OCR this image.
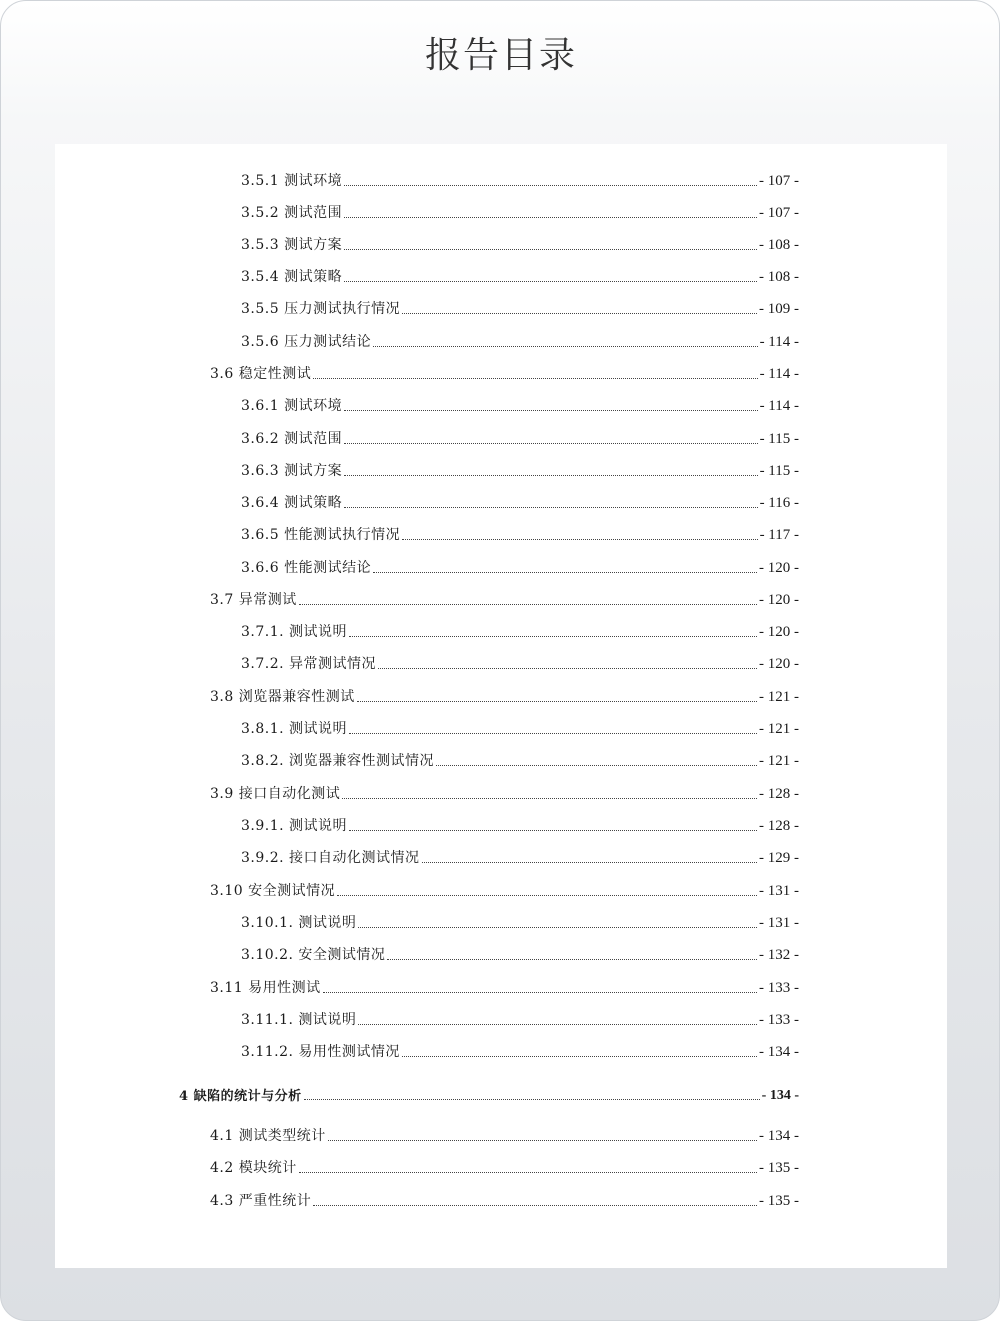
报告目录
3.5.1 测试环境	- 107 -
3.5.2 测试范围	- 107 -
3.5.3 测试方案	- 108 -
3.5.4 测试策略	- 108 -
3.5.5 压力测试执行情况	- 109 -
3.5.6 压力测试结论	- 114 -
3.6 稳定性测试	- 114 -
3.6.1 测试环境	- 114 -
3.6.2 测试范围	- 115 -
3.6.3 测试方案	- 115 -
3.6.4 测试策略	- 116 -
3.6.5 性能测试执行情况	- 117 -
3.6.6 性能测试结论	- 120 -
3.7 异常测试	- 120 -
3.7.1. 测试说明	- 120 -
3.7.2. 异常测试情况	- 120 -
3.8 浏览器兼容性测试	- 121 -
3.8.1. 测试说明	- 121 -
3.8.2. 浏览器兼容性测试情况	- 121 -
3.9 接口自动化测试	- 128 -
3.9.1. 测试说明	- 128 -
3.9.2. 接口自动化测试情况	- 129 -
3.10 安全测试情况	- 131 -
3.10.1. 测试说明	- 131 -
3.10.2. 安全测试情况	- 132 -
3.11 易用性测试	- 133 -
3.11.1. 测试说明	- 133 -
3.11.2. 易用性测试情况	- 134 -
4 缺陷的统计与分析	- 134 -
4.1 测试类型统计	- 134 -
4.2 模块统计	- 135 -
4.3 严重性统计	- 135 -
